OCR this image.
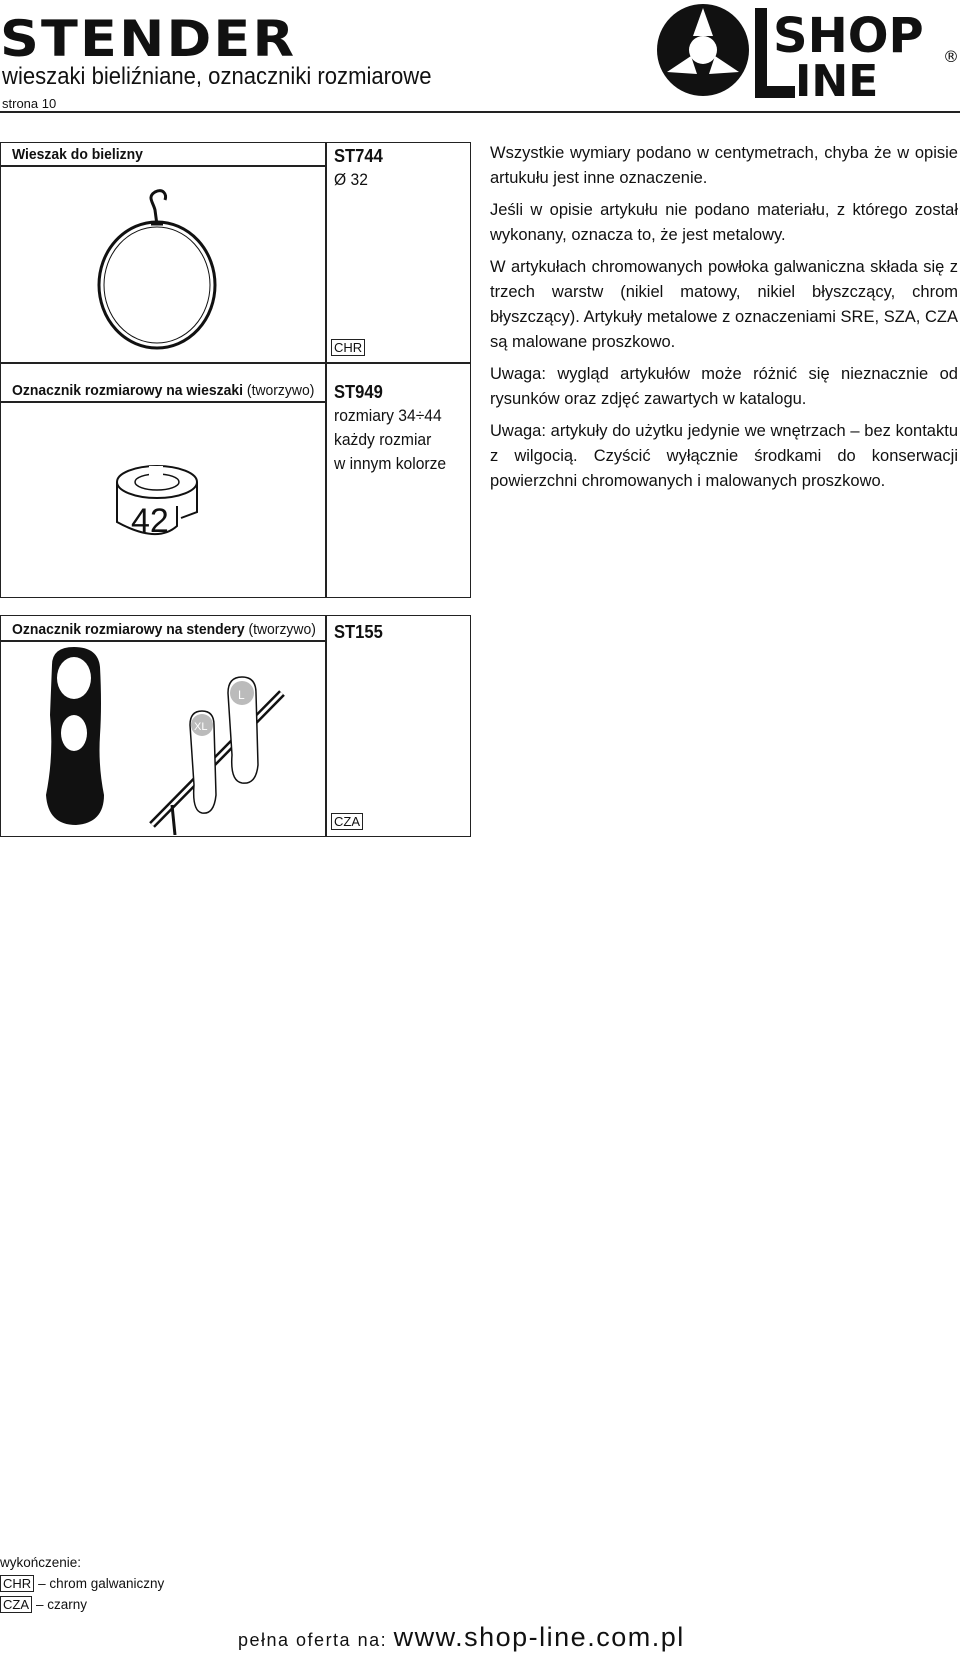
STENDER
wieszaki bieliźniane, oznaczniki rozmiarowe
strona 10
SHOP
INE	®
Wieszak do bielizny	ST744
Ø 32
CHR
Oznacznik rozmiarowy na wieszaki (tworzywo) ST949
rozmiary 34÷44
każdy rozmiar
w innym kolorze
42
Oznacznik rozmiarowy na stendery (tworzywo) ST155
CZA
XL
L

Wszystkie wymiary podano w centymetrach, chyba że w opisie artukułu jest inne oznaczenie.

Jeśli w opisie artykułu nie podano materiału, z którego został wykonany, oznacza to, że jest metalowy.

W artykułach chromowanych powłoka galwaniczna składa się z trzech warstw (nikiel matowy, nikiel błyszczący, chrom błyszczący). Artykuły metalowe z oznaczeniami SRE, SZA, CZA są malowane proszkowo.

Uwaga: wygląd artykułów może różnić się nieznacznie od rysunków oraz zdjęć zawartych w katalogu.

Uwaga: artykuły do użytku jedynie we wnętrzach – bez kontaktu z wilgocią. Czyścić wyłącznie środkami do konserwacji powierzchni chromowanych i malowanych proszkowo.

wykończenie:
CHR – chrom galwaniczny
CZA – czarny
pełna oferta na: www.shop-line.com.pl
